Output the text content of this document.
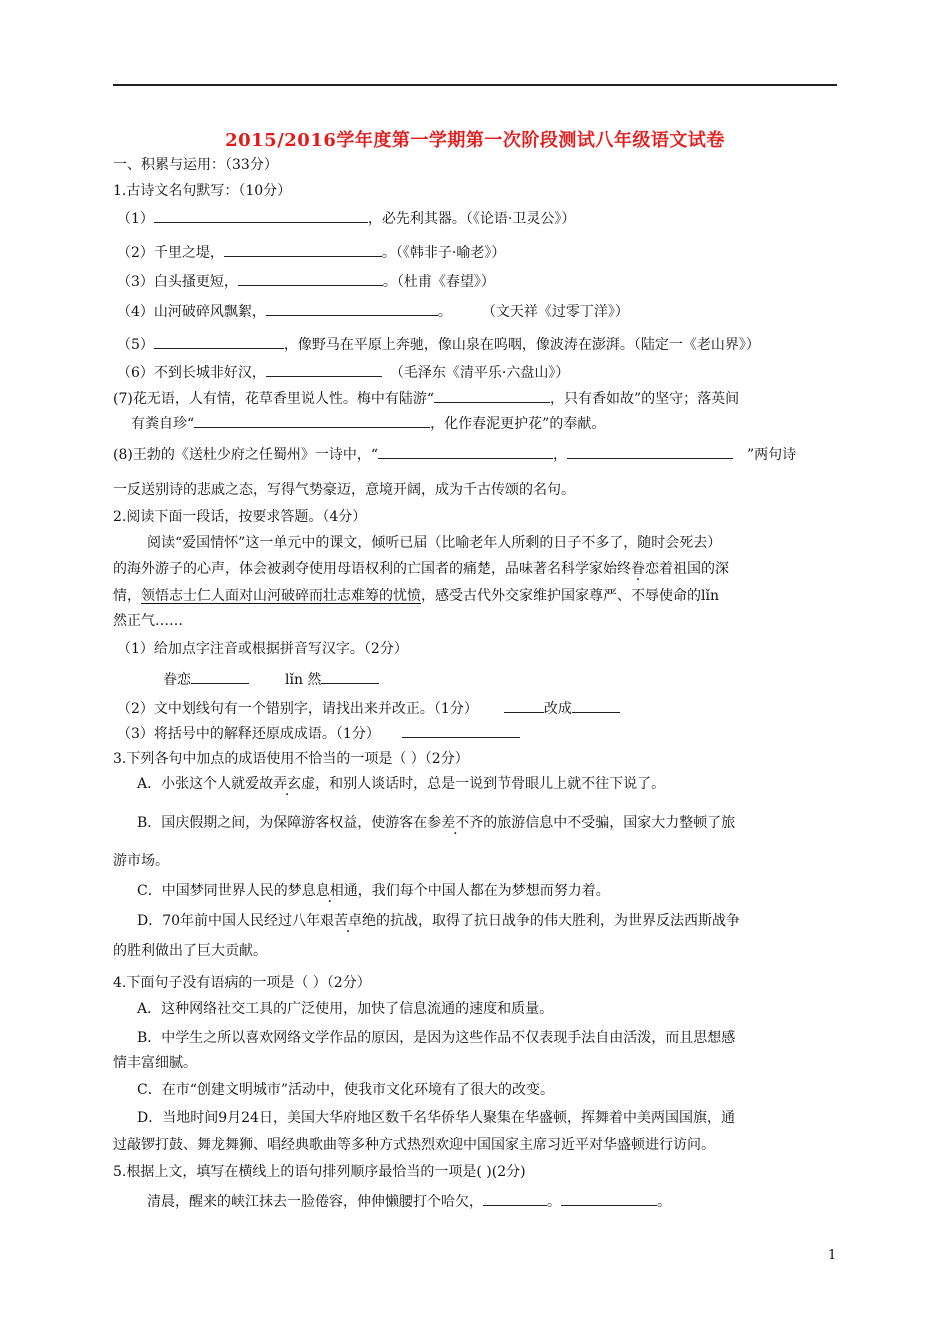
2015/2016学年度第一学期第一次阶段测试八年级语文试卷
一、积累与运用：（33分）
1.古诗文名句默写：（10分）
（1）	，必先利其器。（《论语·卫灵公》）
（2）千里之堤，	。（《韩非子·喻老》）
（3）白头搔更短，	。（杜甫《春望》）
（4）山河破碎风飘絮，	。 （文天祥《过零丁洋》）
（5）	，像野马在平原上奔驰，像山泉在呜咽，像波涛在澎湃。（陆定一《老山界》）
（6）不到长城非好汉，	（毛泽东《清平乐·六盘山》）
(7)花无语，人有情，花草香里说人性。梅中有陆游“	，只有香如故”的坚守；落英间
有粪自珍“	，化作春泥更护花”的奉献。
(8)王勃的《送杜少府之任蜀州》一诗中，“	，	”两句诗
一反送别诗的悲戚之态，写得气势豪迈，意境开阔，成为千古传颂的名句。
2.阅读下面一段话，按要求答题。（4分）
阅读“爱国情怀”这一单元中的课文，倾听已届（比喻老年人所剩的日子不多了，随时会死去）
的海外游子的心声，体会被剥夺使用母语权利的亡国者的痛楚，品味著名科学家始终眷恋着祖国的深
情，领悟志士仁人面对山河破碎而壮志难筹的忧愤，感受古代外交家维护国家尊严、不辱使命的lǐn
然正气……
（1）给加点字注音或根据拼音写汉字。（2分）
眷恋	lǐn 然
（2）文中划线句有一个错别字，请找出来并改正。（1分）	改成
（3）将括号中的解释还原成成语。（1分）
3.下列各句中加点的成语使用不恰当的一项是（ ）（2分）
A．小张这个人就爱故弄玄虚，和别人谈话时，总是一说到节骨眼儿上就不往下说了。
B．国庆假期之间，为保障游客权益，使游客在参差不齐的旅游信息中不受骗，国家大力整顿了旅
游市场。
C．中国梦同世界人民的梦息息相通，我们每个中国人都在为梦想而努力着。
D．70年前中国人民经过八年艰苦卓绝的抗战，取得了抗日战争的伟大胜利，为世界反法西斯战争
的胜利做出了巨大贡献。
4.下面句子没有语病的一项是（ ）（2分）
A．这种网络社交工具的广泛使用，加快了信息流通的速度和质量。
B．中学生之所以喜欢网络文学作品的原因，是因为这些作品不仅表现手法自由活泼，而且思想感
情丰富细腻。
C．在市“创建文明城市”活动中，使我市文化环境有了很大的改变。
D．当地时间9月24日，美国大华府地区数千名华侨华人聚集在华盛顿，挥舞着中美两国国旗，通
过敲锣打鼓、舞龙舞狮、唱经典歌曲等多种方式热烈欢迎中国国家主席习近平对华盛顿进行访问。
5.根据上文，填写在横线上的语句排列顺序最恰当的一项是( )(2分)
清晨，醒来的峡江抹去一脸倦容，伸伸懒腰打个哈欠，	。	。
1
